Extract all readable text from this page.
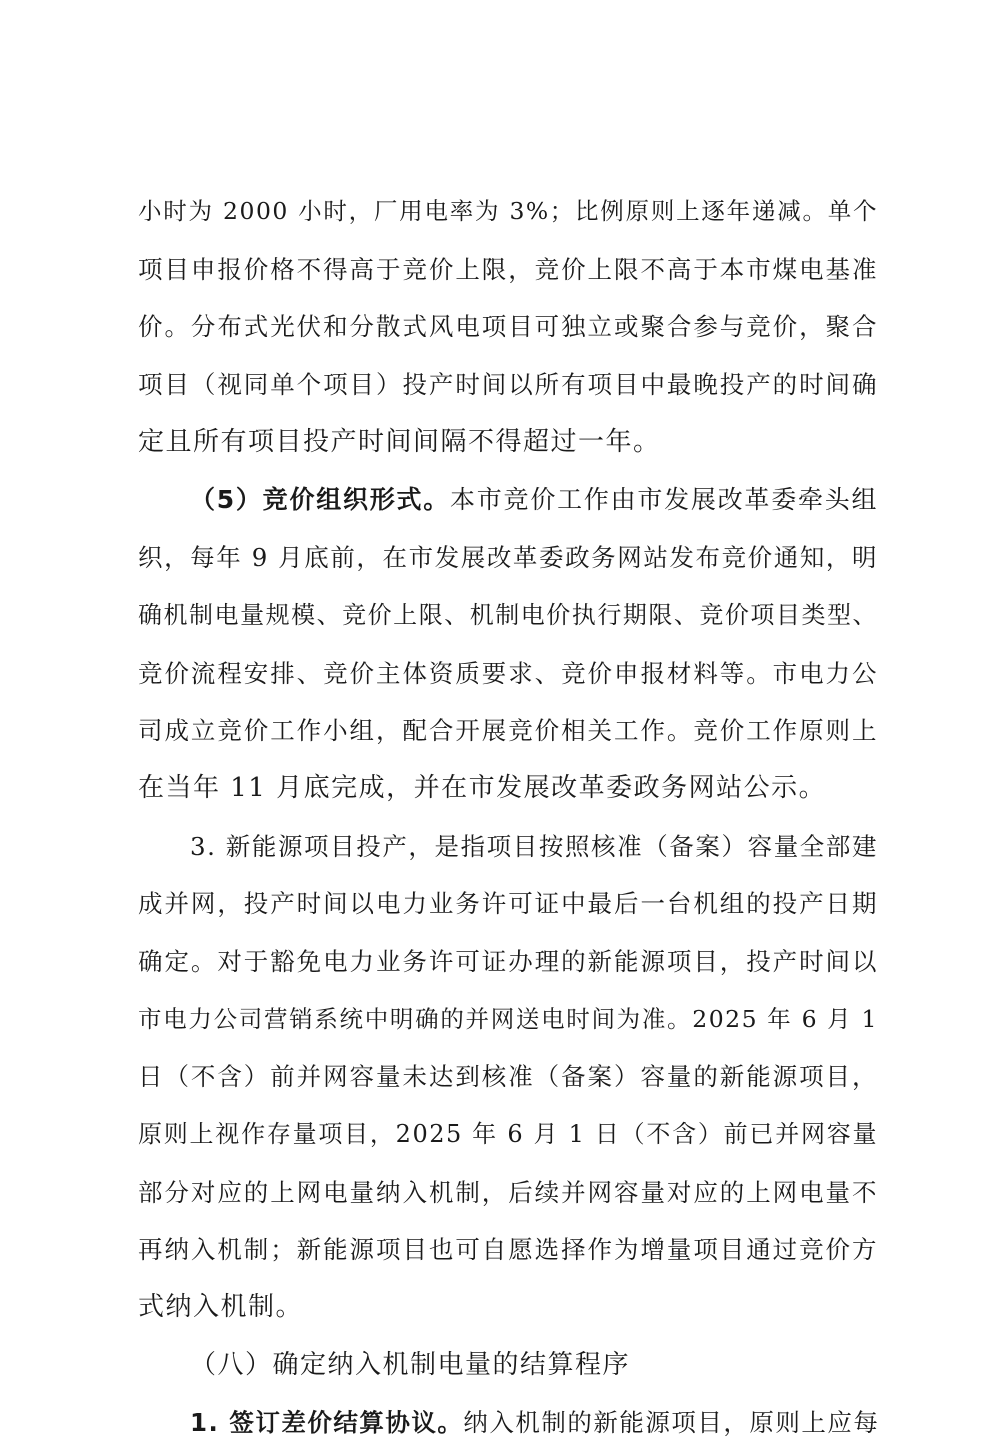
小时为 2000 小时，厂用电率为 3%；比例原则上逐年递减。单个
项目申报价格不得高于竞价上限，竞价上限不高于本市煤电基准
价。分布式光伏和分散式风电项目可独立或聚合参与竞价，聚合
项目（视同单个项目）投产时间以所有项目中最晚投产的时间确
定且所有项目投产时间间隔不得超过一年。
（5）竞价组织形式。本市竞价工作由市发展改革委牵头组
织，每年 9 月底前，在市发展改革委政务网站发布竞价通知，明
确机制电量规模、竞价上限、机制电价执行期限、竞价项目类型、
竞价流程安排、竞价主体资质要求、竞价申报材料等。市电力公
司成立竞价工作小组，配合开展竞价相关工作。竞价工作原则上
在当年 11 月底完成，并在市发展改革委政务网站公示。
3. 新能源项目投产，是指项目按照核准（备案）容量全部建
成并网，投产时间以电力业务许可证中最后一台机组的投产日期
确定。对于豁免电力业务许可证办理的新能源项目，投产时间以
市电力公司营销系统中明确的并网送电时间为准。2025 年 6 月 1
日（不含）前并网容量未达到核准（备案）容量的新能源项目，
原则上视作存量项目，2025 年 6 月 1 日（不含）前已并网容量
部分对应的上网电量纳入机制，后续并网容量对应的上网电量不
再纳入机制；新能源项目也可自愿选择作为增量项目通过竞价方
式纳入机制。
（八）确定纳入机制电量的结算程序
1. 签订差价结算协议。纳入机制的新能源项目，原则上应每
